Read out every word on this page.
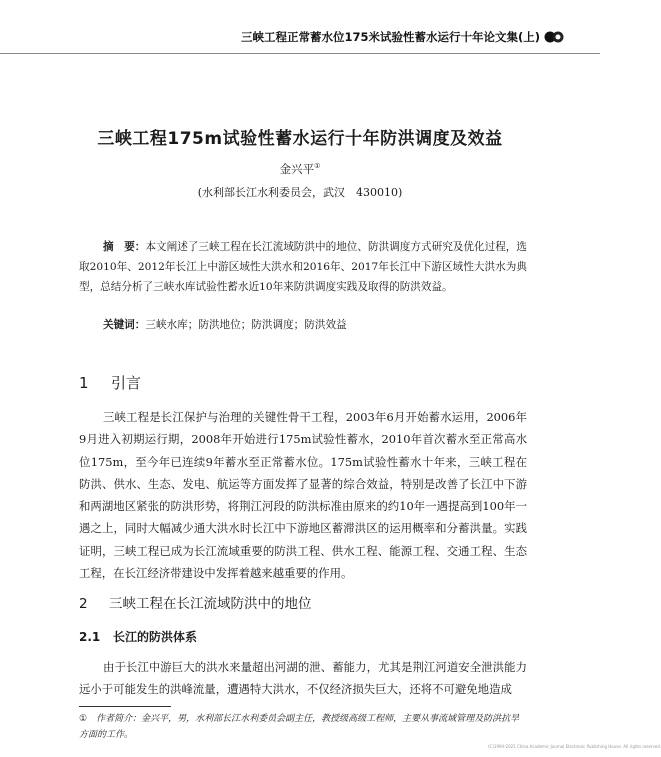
三峡工程正常蓄水位175米试验性蓄水运行十年论文集(上)
三峡工程175m试验性蓄水运行十年防洪调度及效益
金兴平①
(水利部长江水利委员会，武汉　430010)
摘　要：本文阐述了三峡工程在长江流域防洪中的地位、防洪调度方式研究及优化过程，选取2010年、2012年长江上中游区域性大洪水和2016年、2017年长江中下游区域性大洪水为典型，总结分析了三峡水库试验性蓄水近10年来防洪调度实践及取得的防洪效益。
关键词：三峡水库；防洪地位；防洪调度；防洪效益
1 引言
三峡工程是长江保护与治理的关键性骨干工程，2003年6月开始蓄水运用，2006年9月进入初期运行期，2008年开始进行175m试验性蓄水，2010年首次蓄水至正常高水位175m，至今年已连续9年蓄水至正常蓄水位。175m试验性蓄水十年来，三峡工程在防洪、供水、生态、发电、航运等方面发挥了显著的综合效益，特别是改善了长江中下游和两湖地区紧张的防洪形势，将荆江河段的防洪标准由原来的约10年一遇提高到100年一遇之上，同时大幅减少通大洪水时长江中下游地区蓄滞洪区的运用概率和分蓄洪量。实践证明，三峡工程已成为长江流域重要的防洪工程、供水工程、能源工程、交通工程、生态工程，在长江经济带建设中发挥着越来越重要的作用。
2 三峡工程在长江流域防洪中的地位
2.1 长江的防洪体系
由于长江中游巨大的洪水来量超出河湖的泄、蓄能力，尤其是荆江河道安全泄洪能力远小于可能发生的洪峰流量，遭遇特大洪水，不仅经济损失巨大，还将不可避免地造成
①　 作者简介：金兴平，男，水利部长江水利委员会副主任，教授级高级工程师，主要从事流域管理及防洪抗旱方面的工作。
(C)1994-2021 China Academic Journal Electronic Publishing House. All rights reserved.
